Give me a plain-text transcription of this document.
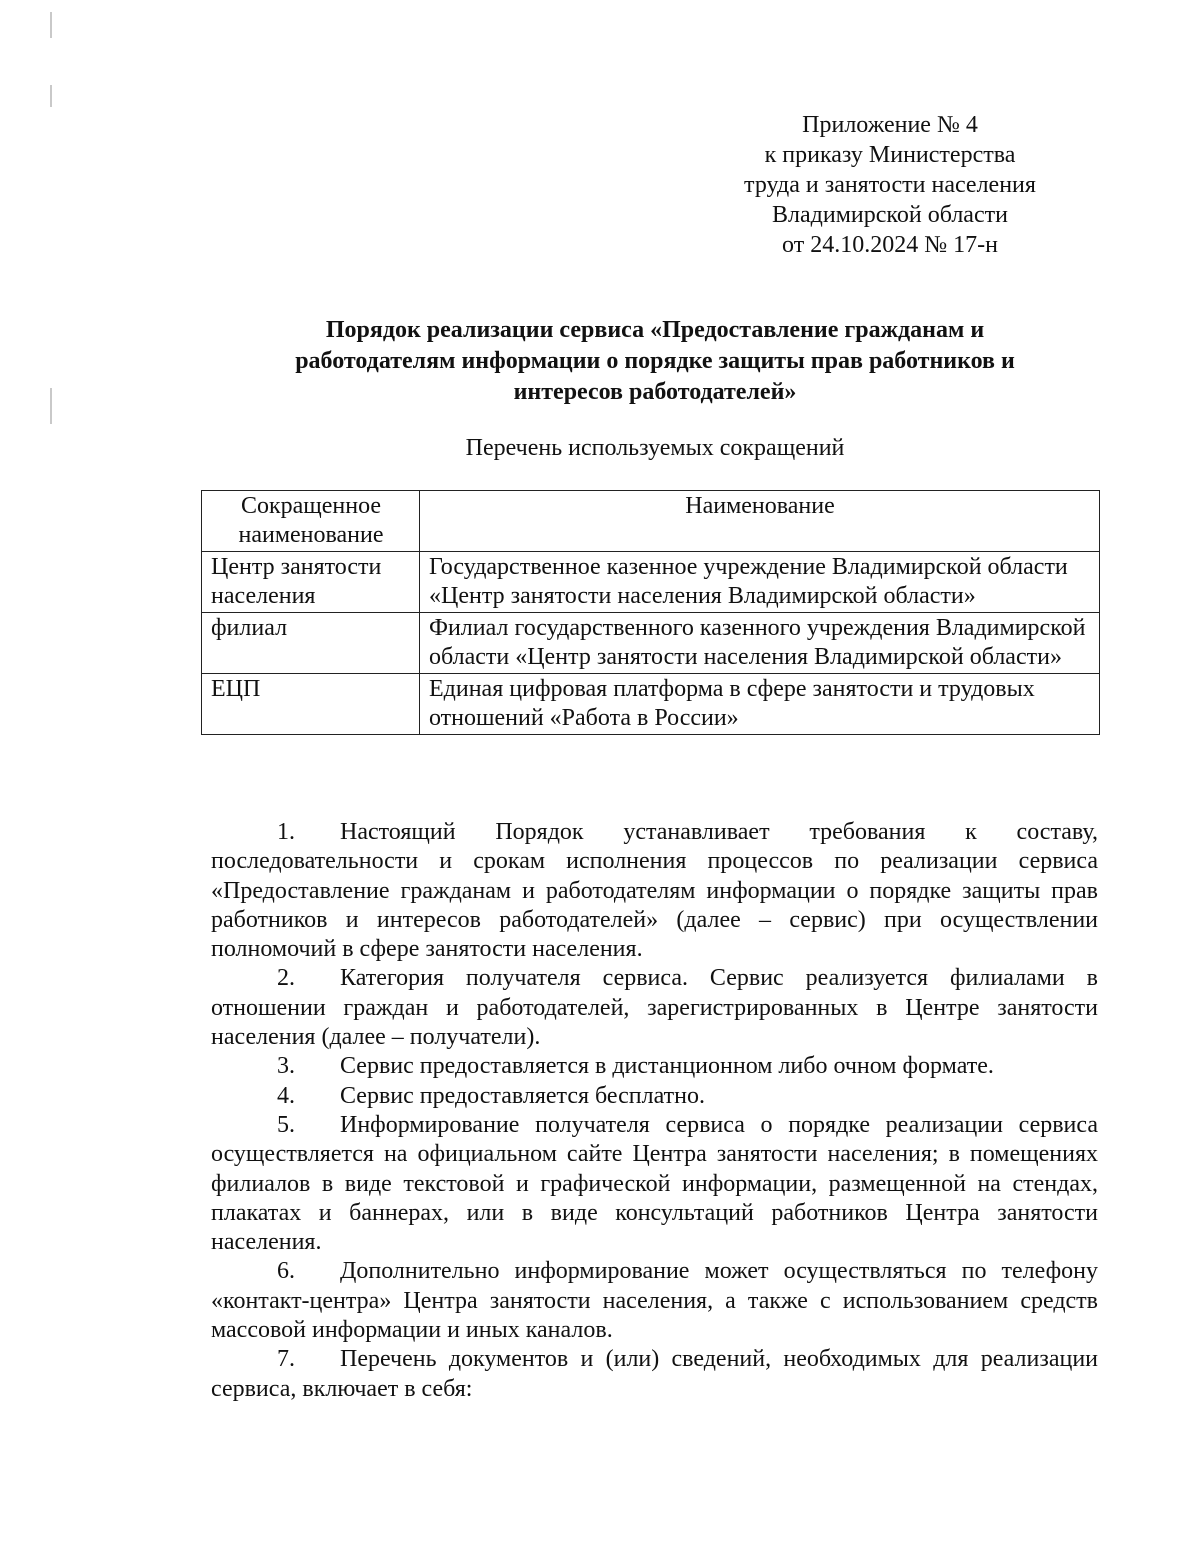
Приложение № 4
к приказу Министерства
труда и занятости населения
Владимирской области
от 24.10.2024 № 17-н
Порядок реализации сервиса «Предоставление гражданам и
работодателям информации о порядке защиты прав работников и
интересов работодателей»
Перечень используемых сокращений
Сокращенное наименование	Наименование
Центр занятости населения	Государственное казенное учреждение Владимирской области «Центр занятости населения Владимирской области»
филиал	Филиал государственного казенного учреждения Владимирской области «Центр занятости населения Владимирской области»
ЕЦП	Единая цифровая платформа в сфере занятости и трудовых отношений «Работа в России»

1. Настоящий Порядок устанавливает требования к составу, последовательности и срокам исполнения процессов по реализации сервиса «Предоставление гражданам и работодателям информации о порядке защиты прав работников и интересов работодателей» (далее – сервис) при осуществлении полномочий в сфере занятости населения.

2. Категория получателя сервиса. Сервис реализуется филиалами в отношении граждан и работодателей, зарегистрированных в Центре занятости населения (далее – получатели).

3. Сервис предоставляется в дистанционном либо очном формате.

4. Сервис предоставляется бесплатно.

5. Информирование получателя сервиса о порядке реализации сервиса осуществляется на официальном сайте Центра занятости населения; в помещениях филиалов в виде текстовой и графической информации, размещенной на стендах, плакатах и баннерах, или в виде консультаций работников Центра занятости населения.

6. Дополнительно информирование может осуществляться по телефону «контакт-центра» Центра занятости населения, а также с использованием средств массовой информации и иных каналов.

7. Перечень документов и (или) сведений, необходимых для реализации сервиса, включает в себя:
